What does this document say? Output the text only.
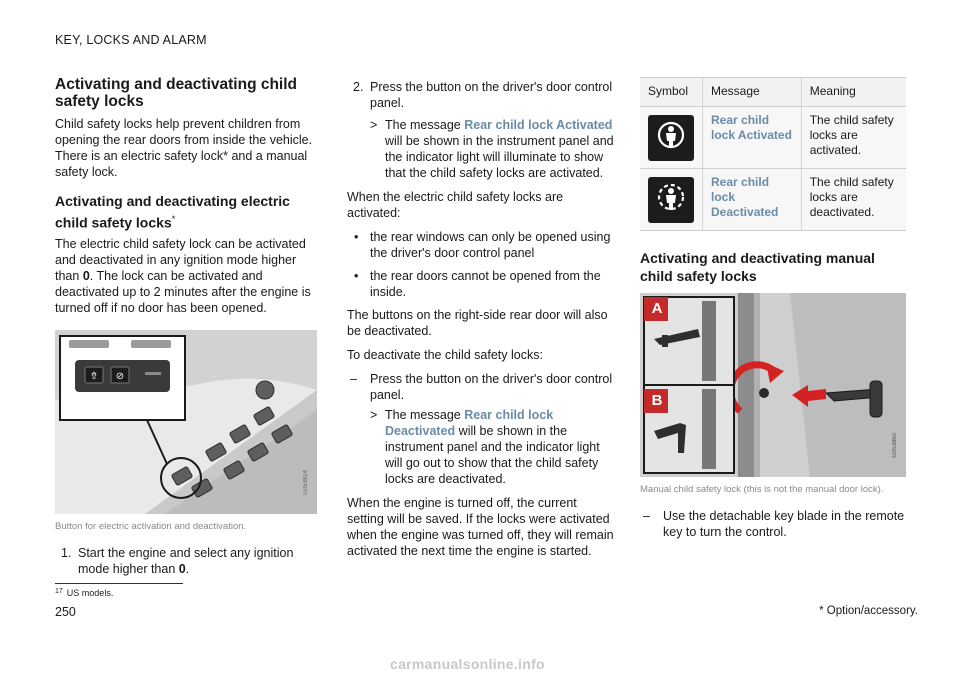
KEY, LOCKS AND ALARM
Activating and deactivating child safety locks

Child safety locks help prevent children from opening the rear doors from inside the vehicle. There is an electric safety lock* and a manual safety lock.

Activating and deactivating electric child safety locks*

The electric child safety lock can be activated and deactivated in any ignition mode higher than 0. The lock can be activated and deactivated up to 2 minutes after the engine is turned off if no door has been opened.

⇮ ⊘
G053814
Button for electric activation and deactivation.
1. Start the engine and select any ignition mode higher than 0.
2. Press the button on the driver's door control panel.
> The message Rear child lock Activated will be shown in the instrument panel and the indicator light will illuminate to show that the child safety locks are activated.

When the electric child safety locks are activated:

• the rear windows can only be opened using the driver's door control panel
• the rear doors cannot be opened from the inside.

The buttons on the right-side rear door will also be deactivated.

To deactivate the child safety locks:

– Press the button on the driver's door control panel.
> The message Rear child lock Deactivated will be shown in the instrument panel and the indicator light will go out to show that the child safety locks are deactivated.

When the engine is turned off, the current setting will be saved. If the locks were activated when the engine was turned off, they will remain activated the next time the engine is started.

Symbol	Message	Meaning

	Rear child lock Activated	The child safety locks are activated.

	Rear child lock Deactivated	The child safety locks are deactivated.
Activating and deactivating manual child safety locks
A
B
G053860
Manual child safety lock (this is not the manual door lock).
– Use the detachable key blade in the remote key to turn the control.
$^{17}$ US models.
250	* Option/accessory.
carmanualsonline.info
